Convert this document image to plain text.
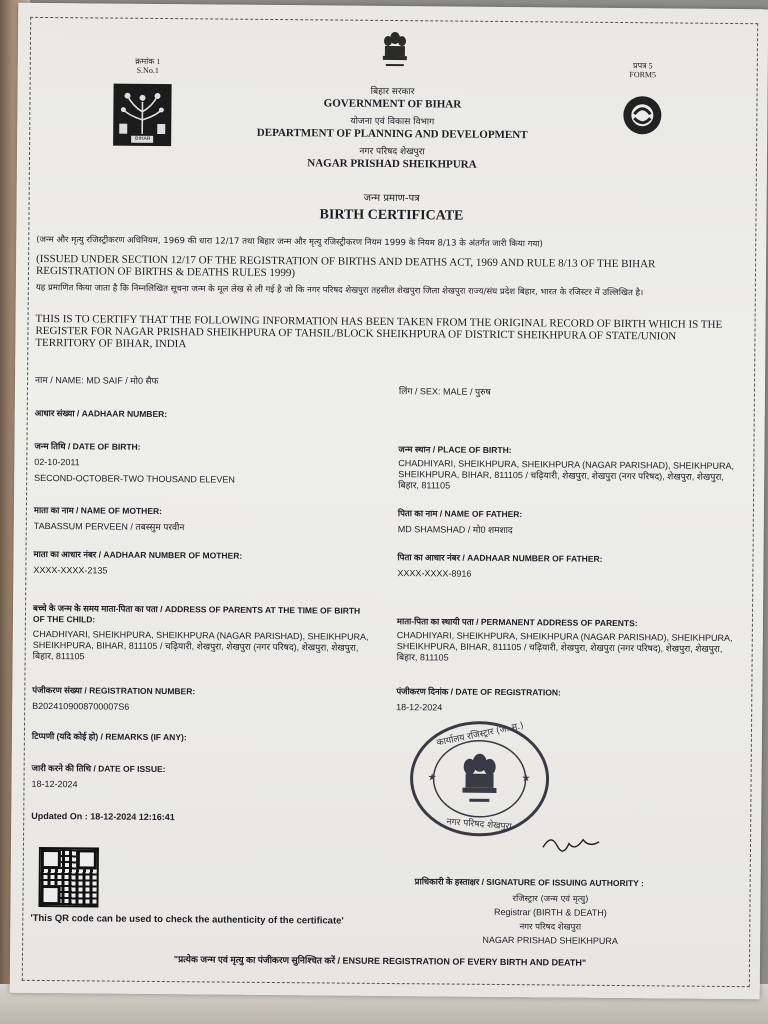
क्रमांक 1
S.No.1
BIHAR
प्रपत्र 5
FORM5
बिहार सरकार
GOVERNMENT OF BIHAR
योजना एवं विकास विभाग
DEPARTMENT OF PLANNING AND DEVELOPMENT
नगर परिषद शेखपुरा
NAGAR PRISHAD SHEIKHPURA
जन्म प्रमाण-पत्र
BIRTH CERTIFICATE
(जन्म और मृत्यु रजिस्ट्रीकरण अधिनियम, 1969 की धारा 12/17 तथा बिहार जन्म और मृत्यु रजिस्ट्रीकरण नियम 1999 के नियम 8/13 के अंतर्गत जारी किया गया)
(ISSUED UNDER SECTION 12/17 OF THE REGISTRATION OF BIRTHS AND DEATHS ACT, 1969 AND RULE 8/13 OF THE BIHAR REGISTRATION OF BIRTHS & DEATHS RULES 1999)
यह प्रमाणित किया जाता है कि निम्नलिखित सूचना जन्म के मूल लेख से ली गई है जो कि नगर परिषद शेखपुरा तहसील शेखपुरा जिला शेखपुरा राज्य/संघ प्रदेश बिहार, भारत के रजिस्टर में उल्लिखित है।
THIS IS TO CERTIFY THAT THE FOLLOWING INFORMATION HAS BEEN TAKEN FROM THE ORIGINAL RECORD OF BIRTH WHICH IS THE REGISTER FOR NAGAR PRISHAD SHEIKHPURA OF TAHSIL/BLOCK SHEIKHPURA OF DISTRICT SHEIKHPURA OF STATE/UNION TERRITORY OF BIHAR, INDIA
नाम / NAME: MD SAIF / मो0 सैफ
आधार संख्या / AADHAAR NUMBER:
जन्म तिथि / DATE OF BIRTH:
02-10-2011
SECOND-OCTOBER-TWO THOUSAND ELEVEN
माता का नाम / NAME OF MOTHER:
TABASSUM PERVEEN / तबस्सुम परवीन
माता का आधार नंबर / AADHAAR NUMBER OF MOTHER:
XXXX-XXXX-2135
बच्चे के जन्म के समय माता-पिता का पता / ADDRESS OF PARENTS AT THE TIME OF BIRTH OF THE CHILD:
CHADHIYARI, SHEIKHPURA, SHEIKHPURA (NAGAR PARISHAD), SHEIKHPURA, SHEIKHPURA, BIHAR, 811105 / चढ़ियारी, शेखपुरा, शेखपुरा (नगर परिषद), शेखपुरा, शेखपुरा, बिहार, 811105
पंजीकरण संख्या / REGISTRATION NUMBER:
B2024109008700007S6
टिप्पणी (यदि कोई हो) / REMARKS (IF ANY):
जारी करने की तिथि / DATE OF ISSUE:
18-12-2024
Updated On : 18-12-2024 12:16:41
लिंग / SEX: MALE / पुरुष
जन्म स्थान / PLACE OF BIRTH:
CHADHIYARI, SHEIKHPURA, SHEIKHPURA (NAGAR PARISHAD), SHEIKHPURA, SHEIKHPURA, BIHAR, 811105 / चढ़ियारी, शेखपुरा, शेखपुरा (नगर परिषद), शेखपुरा, शेखपुरा, बिहार, 811105
पिता का नाम / NAME OF FATHER:
MD SHAMSHAD / मो0 शमशाद
पिता का आधार नंबर / AADHAAR NUMBER OF FATHER:
XXXX-XXXX-8916
माता-पिता का स्थायी पता / PERMANENT ADDRESS OF PARENTS:
CHADHIYARI, SHEIKHPURA, SHEIKHPURA (NAGAR PARISHAD), SHEIKHPURA, SHEIKHPURA, BIHAR, 811105 / चढ़ियारी, शेखपुरा, शेखपुरा (नगर परिषद), शेखपुरा, शेखपुरा, बिहार, 811105
पंजीकरण दिनांक / DATE OF REGISTRATION:
18-12-2024
★	★
कार्यालय रजिस्ट्रार (ज. मृ.)
नगर परिषद शेखपुरा
'This QR code can be used to check the authenticity of the certificate'
प्राधिकारी के हस्ताक्षर / SIGNATURE OF ISSUING AUTHORITY :
रजिस्ट्रार (जन्म एवं मृत्यु)
Registrar (BIRTH & DEATH)
नगर परिषद शेखपुरा
NAGAR PRISHAD SHEIKHPURA
"प्रत्येक जन्म एवं मृत्यु का पंजीकरण सुनिश्चित करें / ENSURE REGISTRATION OF EVERY BIRTH AND DEATH"
